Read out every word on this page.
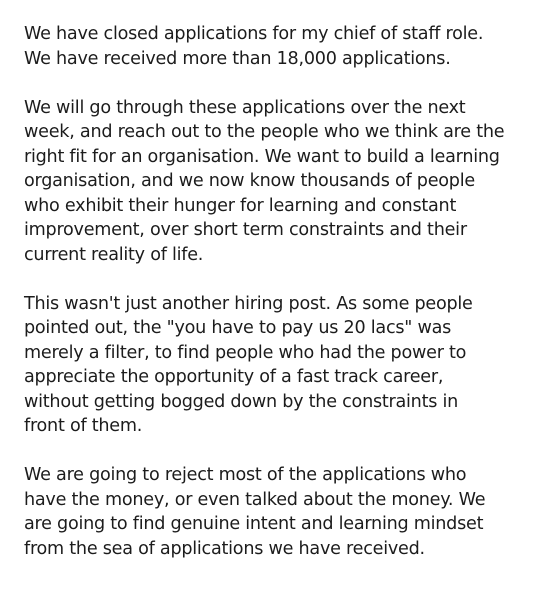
We have closed applications for my chief of staff role.
We have received more than 18,000 applications.

We will go through these applications over the next
week, and reach out to the people who we think are the
right fit for an organisation. We want to build a learning
organisation, and we now know thousands of people
who exhibit their hunger for learning and constant
improvement, over short term constraints and their
current reality of life.

This wasn't just another hiring post. As some people
pointed out, the "you have to pay us 20 lacs" was
merely a filter, to find people who had the power to
appreciate the opportunity of a fast track career,
without getting bogged down by the constraints in
front of them.

We are going to reject most of the applications who
have the money, or even talked about the money. We
are going to find genuine intent and learning mindset
from the sea of applications we have received.
